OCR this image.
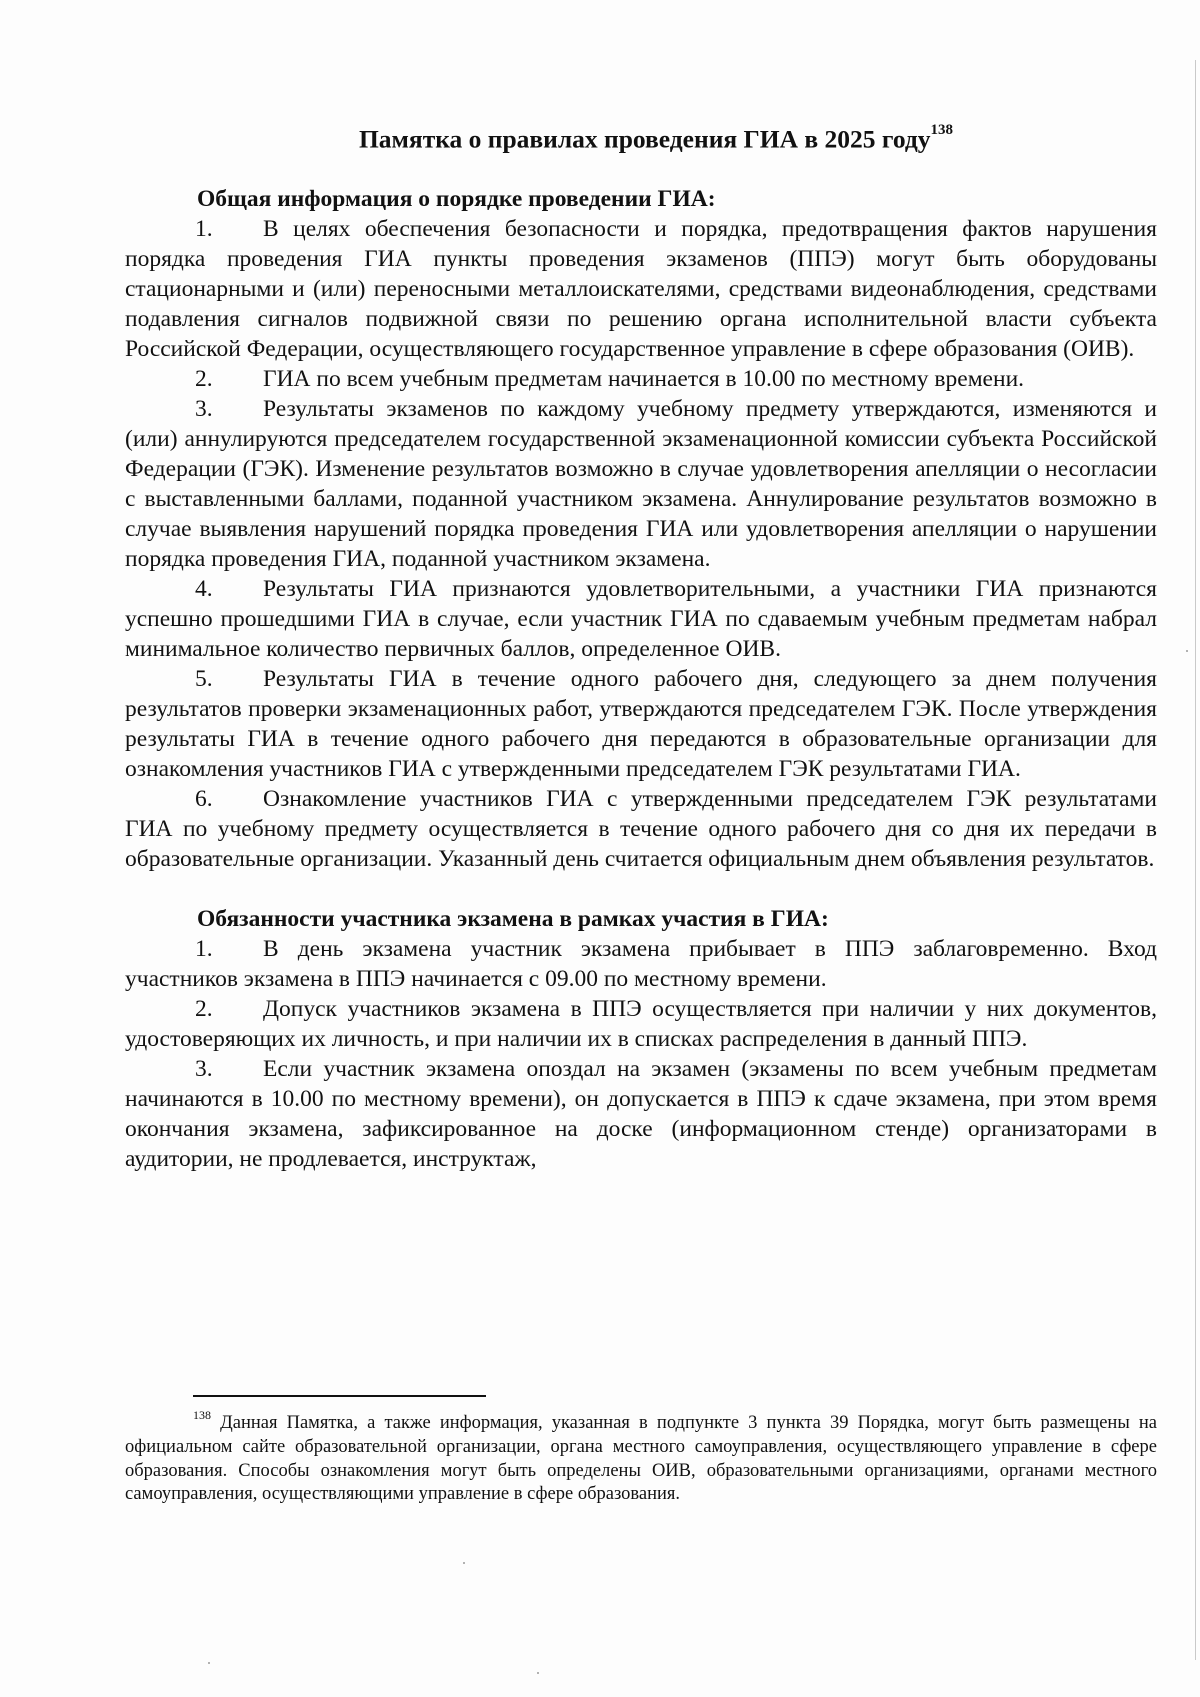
Памятка о правилах проведения ГИА в 2025 году$^{138}$
Общая информация о порядке проведении ГИА:

1. В целях обеспечения безопасности и порядка, предотвращения фактов нарушения порядка проведения ГИА пункты проведения экзаменов (ППЭ) могут быть оборудованы стационарными и (или) переносными металлоискателями, средствами видеонаблюдения, средствами подавления сигналов подвижной связи по решению органа исполнительной власти субъекта Российской Федерации, осуществляющего государственное управление в сфере образования (ОИВ).

2. ГИА по всем учебным предметам начинается в 10.00 по местному времени.

3. Результаты экзаменов по каждому учебному предмету утверждаются, изменяются и (или) аннулируются председателем государственной экзаменационной комиссии субъекта Российской Федерации (ГЭК). Изменение результатов возможно в случае удовлетворения апелляции о несогласии с выставленными баллами, поданной участником экзамена. Аннулирование результатов возможно в случае выявления нарушений порядка проведения ГИА или удовлетворения апелляции о нарушении порядка проведения ГИА, поданной участником экзамена.

4. Результаты ГИА признаются удовлетворительными, а участники ГИА признаются успешно прошедшими ГИА в случае, если участник ГИА по сдаваемым учебным предметам набрал минимальное количество первичных баллов, определенное ОИВ.

5. Результаты ГИА в течение одного рабочего дня, следующего за днем получения результатов проверки экзаменационных работ, утверждаются председателем ГЭК. После утверждения результаты ГИА в течение одного рабочего дня передаются в образовательные организации для ознакомления участников ГИА с утвержденными председателем ГЭК результатами ГИА.

6. Ознакомление участников ГИА с утвержденными председателем ГЭК результатами ГИА по учебному предмету осуществляется в течение одного рабочего дня со дня их передачи в образовательные организации. Указанный день считается официальным днем объявления результатов.

Обязанности участника экзамена в рамках участия в ГИА:

1. В день экзамена участник экзамена прибывает в ППЭ заблаговременно. Вход участников экзамена в ППЭ начинается с 09.00 по местному времени.

2. Допуск участников экзамена в ППЭ осуществляется при наличии у них документов, удостоверяющих их личность, и при наличии их в списках распределения в данный ППЭ.

3. Если участник экзамена опоздал на экзамен (экзамены по всем учебным предметам начинаются в 10.00 по местному времени), он допускается в ППЭ к сдаче экзамена, при этом время окончания экзамена, зафиксированное на доске (информационном стенде) организаторами в аудитории, не продлевается, инструктаж,

$^{138}$ Данная Памятка, а также информация, указанная в подпункте 3 пункта 39 Порядка, могут быть размещены на официальном сайте образовательной организации, органа местного самоуправления, осуществляющего управление в сфере образования. Способы ознакомления могут быть определены ОИВ, образовательными организациями, органами местного самоуправления, осуществляющими управление в сфере образования.
